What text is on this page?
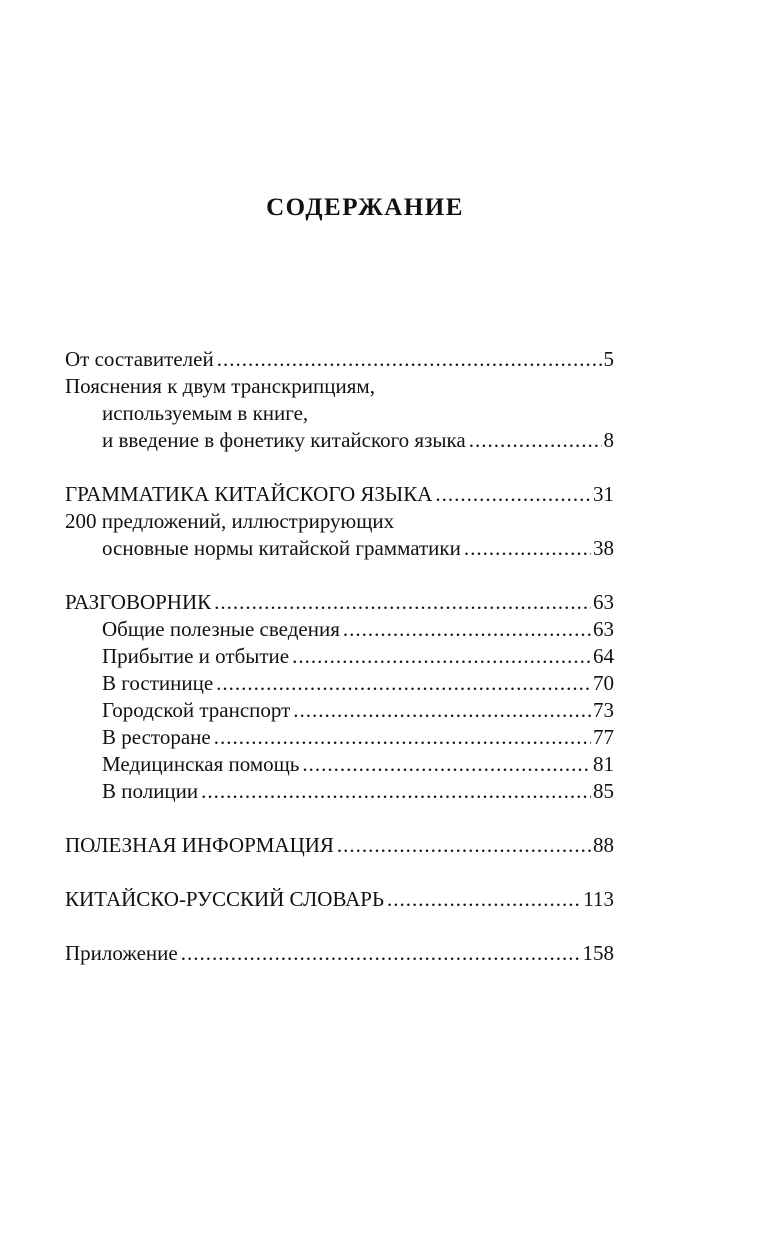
СОДЕРЖАНИЕ
От составителей .....	5
Пояснения к двум транскрипциям,
используемым в книге,
и введение в фонетику китайского языка .....	8
ГРАММАТИКА КИТАЙСКОГО ЯЗЫКА .....	31
200 предложений, иллюстрирующих
основные нормы китайской грамматики .....	38
РАЗГОВОРНИК .....	63
Общие полезные сведения .....	63
Прибытие и отбытие .....	64
В гостинице .....	70
Городской транспорт .....	73
В ресторане .....	77
Медицинская помощь .....	81
В полиции .....	85
ПОЛЕЗНАЯ ИНФОРМАЦИЯ .....	88
КИТАЙСКО-РУССКИЙ СЛОВАРЬ .....	113
Приложение .....	158
